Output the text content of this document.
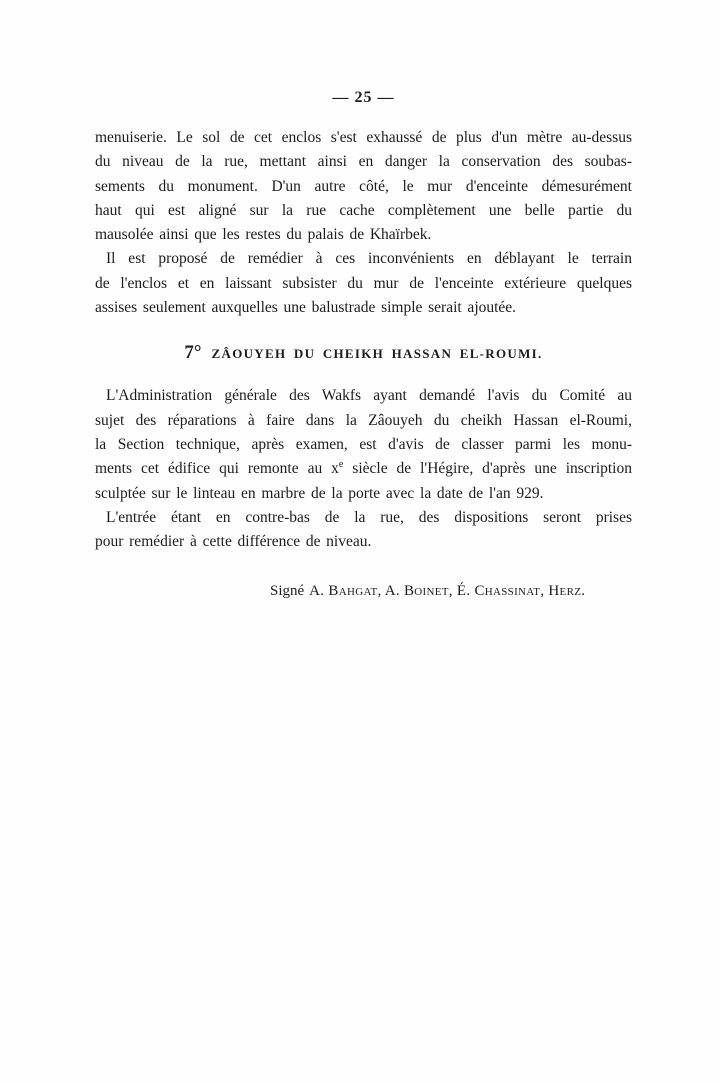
— 25 —
menuiserie. Le sol de cet enclos s'est exhaussé de plus d'un mètre au-dessus
du niveau de la rue, mettant ainsi en danger la conservation des soubas-
sements du monument. D'un autre côté, le mur d'enceinte démesurément
haut qui est aligné sur la rue cache complètement une belle partie du
mausolée ainsi que les restes du palais de Khaïrbek.
Il est proposé de remédier à ces inconvénients en déblayant le terrain
de l'enclos et en laissant subsister du mur de l'enceinte extérieure quelques
assises seulement auxquelles une balustrade simple serait ajoutée.
7° ZÂOUYEH DU CHEIKH HASSAN EL-ROUMI.
L'Administration générale des Wakfs ayant demandé l'avis du Comité au
sujet des réparations à faire dans la Zâouyeh du cheikh Hassan el-Roumi,
la Section technique, après examen, est d'avis de classer parmi les monu-
ments cet édifice qui remonte au $x^e$ siècle de l'Hégire, d'après une inscription
sculptée sur le linteau en marbre de la porte avec la date de l'an 929.
L'entrée étant en contre-bas de la rue, des dispositions seront prises
pour remédier à cette différence de niveau.
Signé A. Bahgat, A. Boinet, É. Chassinat, Herz.
